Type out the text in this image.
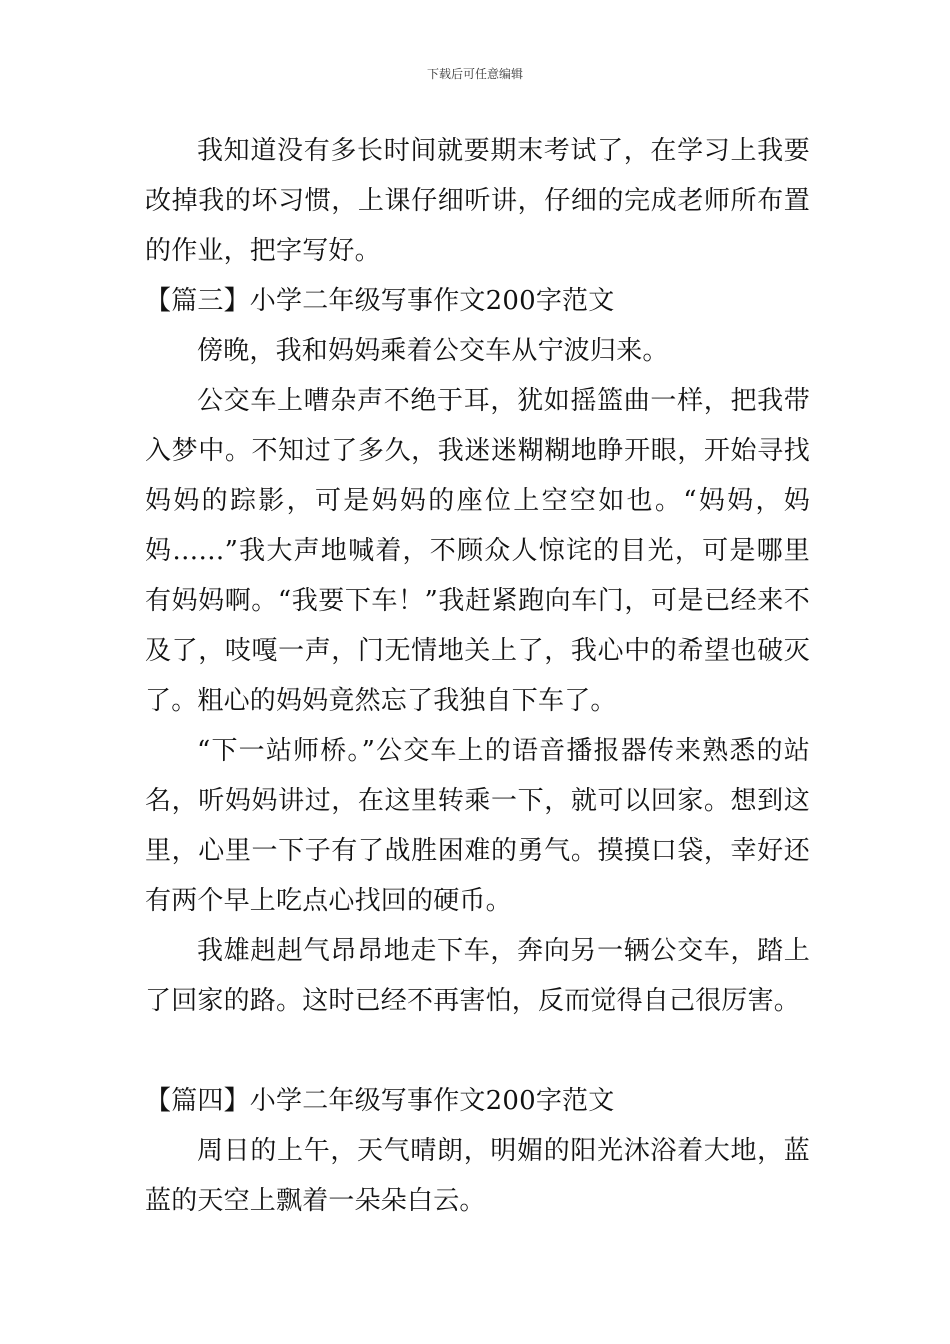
下载后可任意编辑

我知道没有多长时间就要期末考试了，在学习上我要改掉我的坏习惯，上课仔细听讲，仔细的完成老师所布置的作业，把字写好。

【篇三】小学二年级写事作文200字范文

傍晚，我和妈妈乘着公交车从宁波归来。

公交车上嘈杂声不绝于耳，犹如摇篮曲一样，把我带入梦中。不知过了多久，我迷迷糊糊地睁开眼，开始寻找妈妈的踪影，可是妈妈的座位上空空如也。“妈妈，妈妈……”我大声地喊着，不顾众人惊诧的目光，可是哪里有妈妈啊。“我要下车！”我赶紧跑向车门，可是已经来不及了，吱嘎一声，门无情地关上了，我心中的希望也破灭了。粗心的妈妈竟然忘了我独自下车了。

“下一站师桥。”公交车上的语音播报器传来熟悉的站名，听妈妈讲过，在这里转乘一下，就可以回家。想到这里，心里一下子有了战胜困难的勇气。摸摸口袋，幸好还有两个早上吃点心找回的硬币。

我雄赳赳气昂昂地走下车，奔向另一辆公交车，踏上了回家的路。这时已经不再害怕，反而觉得自己很厉害。

【篇四】小学二年级写事作文200字范文

周日的上午，天气晴朗，明媚的阳光沐浴着大地，蓝蓝的天空上飘着一朵朵白云。
